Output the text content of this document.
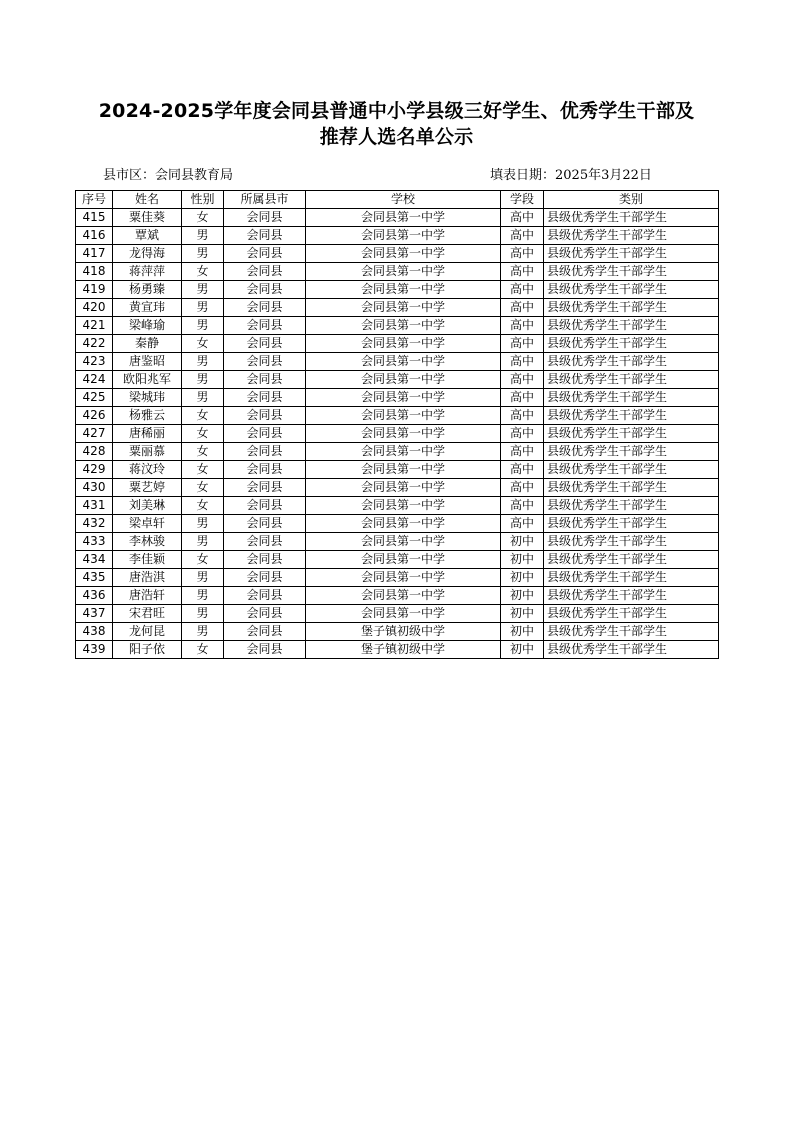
2024-2025学年度会同县普通中小学县级三好学生、优秀学生干部及
推荐人选名单公示
县市区：会同县教育局	填表日期：2025年3月22日
序号	姓名	性别	所属县市	学校	学段	类别
415	粟佳葵	女	会同县	会同县第一中学	高中	县级优秀学生干部学生
416	覃斌	男	会同县	会同县第一中学	高中	县级优秀学生干部学生
417	龙得海	男	会同县	会同县第一中学	高中	县级优秀学生干部学生
418	蒋萍萍	女	会同县	会同县第一中学	高中	县级优秀学生干部学生
419	杨勇臻	男	会同县	会同县第一中学	高中	县级优秀学生干部学生
420	黄宣玮	男	会同县	会同县第一中学	高中	县级优秀学生干部学生
421	梁峰瑜	男	会同县	会同县第一中学	高中	县级优秀学生干部学生
422	秦静	女	会同县	会同县第一中学	高中	县级优秀学生干部学生
423	唐鉴昭	男	会同县	会同县第一中学	高中	县级优秀学生干部学生
424	欧阳兆军	男	会同县	会同县第一中学	高中	县级优秀学生干部学生
425	梁城玮	男	会同县	会同县第一中学	高中	县级优秀学生干部学生
426	杨雅云	女	会同县	会同县第一中学	高中	县级优秀学生干部学生
427	唐稀丽	女	会同县	会同县第一中学	高中	县级优秀学生干部学生
428	粟丽慕	女	会同县	会同县第一中学	高中	县级优秀学生干部学生
429	蒋汶玲	女	会同县	会同县第一中学	高中	县级优秀学生干部学生
430	粟艺婷	女	会同县	会同县第一中学	高中	县级优秀学生干部学生
431	刘美琳	女	会同县	会同县第一中学	高中	县级优秀学生干部学生
432	梁卓轩	男	会同县	会同县第一中学	高中	县级优秀学生干部学生
433	李林骏	男	会同县	会同县第一中学	初中	县级优秀学生干部学生
434	李佳颖	女	会同县	会同县第一中学	初中	县级优秀学生干部学生
435	唐浩淇	男	会同县	会同县第一中学	初中	县级优秀学生干部学生
436	唐浩轩	男	会同县	会同县第一中学	初中	县级优秀学生干部学生
437	宋君旺	男	会同县	会同县第一中学	初中	县级优秀学生干部学生
438	龙何昆	男	会同县	堡子镇初级中学	初中	县级优秀学生干部学生
439	阳子依	女	会同县	堡子镇初级中学	初中	县级优秀学生干部学生
